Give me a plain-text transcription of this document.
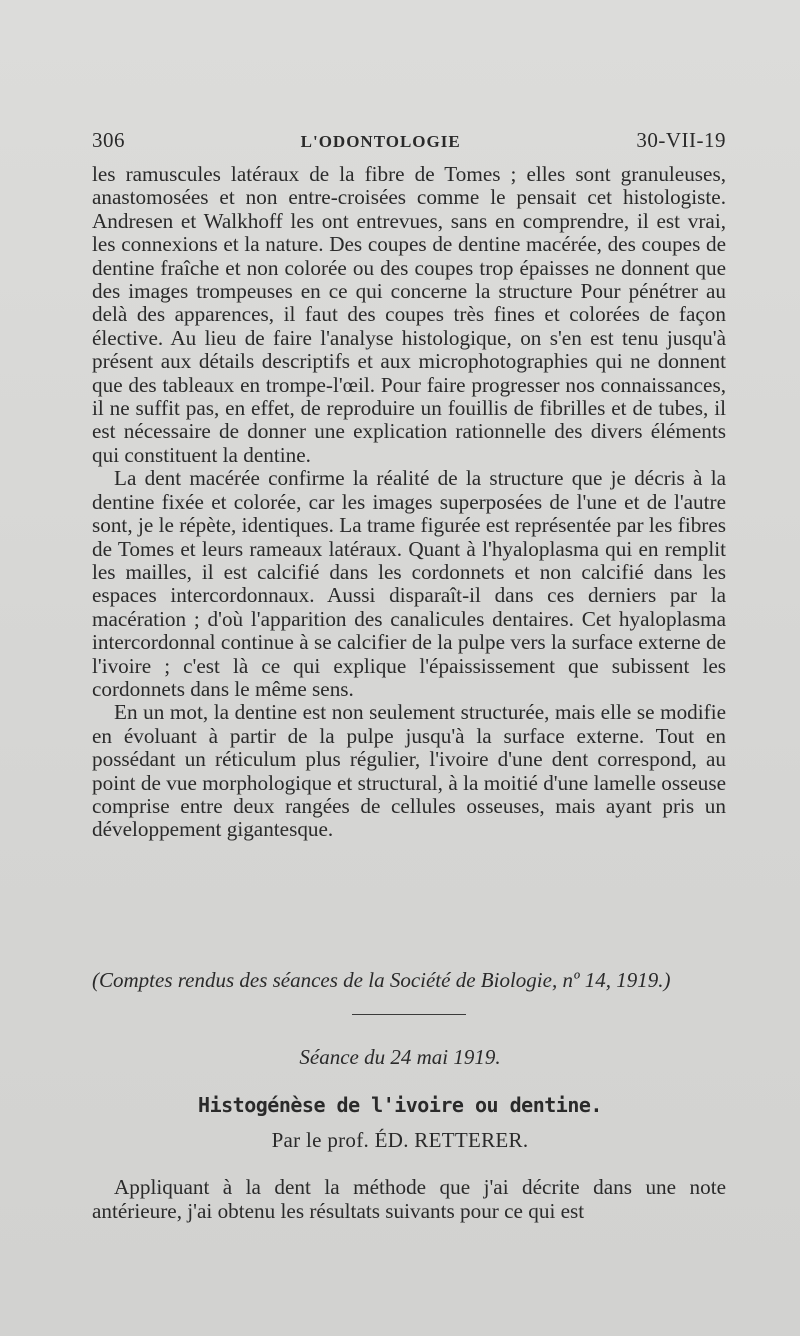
306	L'ODONTOLOGIE	30-VII-19

les ramuscules latéraux de la fibre de Tomes ; elles sont granuleuses, anastomosées et non entre-croisées comme le pensait cet histologiste. Andresen et Walkhoff les ont entrevues, sans en comprendre, il est vrai, les connexions et la nature. Des coupes de dentine macérée, des coupes de dentine fraîche et non colorée ou des coupes trop épaisses ne donnent que des images trompeuses en ce qui concerne la structure Pour pénétrer au delà des apparences, il faut des coupes très fines et colorées de façon élective. Au lieu de faire l'analyse histologique, on s'en est tenu jusqu'à présent aux détails descriptifs et aux microphotographies qui ne donnent que des tableaux en trompe-l'œil. Pour faire progresser nos connaissances, il ne suffit pas, en effet, de reproduire un fouillis de fibrilles et de tubes, il est nécessaire de donner une explication rationnelle des divers éléments qui constituent la dentine.

La dent macérée confirme la réalité de la structure que je décris à la dentine fixée et colorée, car les images superposées de l'une et de l'autre sont, je le répète, identiques. La trame figurée est représentée par les fibres de Tomes et leurs rameaux latéraux. Quant à l'hyaloplasma qui en remplit les mailles, il est calcifié dans les cordonnets et non calcifié dans les espaces intercordonnaux. Aussi disparaît-il dans ces derniers par la macération ; d'où l'apparition des canalicules dentaires. Cet hyaloplasma intercordonnal continue à se calcifier de la pulpe vers la surface externe de l'ivoire ; c'est là ce qui explique l'épaississement que subissent les cordonnets dans le même sens.

En un mot, la dentine est non seulement structurée, mais elle se modifie en évoluant à partir de la pulpe jusqu'à la surface externe. Tout en possédant un réticulum plus régulier, l'ivoire d'une dent correspond, au point de vue morphologique et structural, à la moitié d'une lamelle osseuse comprise entre deux rangées de cellules osseuses, mais ayant pris un développement gigantesque.

(Comptes rendus des séances de la Société de Biologie, nº 14, 1919.)
Séance du 24 mai 1919.
Histogénèse de l'ivoire ou dentine.
Par le prof. ÉD. RETTERER.

Appliquant à la dent la méthode que j'ai décrite dans une note antérieure, j'ai obtenu les résultats suivants pour ce qui est
